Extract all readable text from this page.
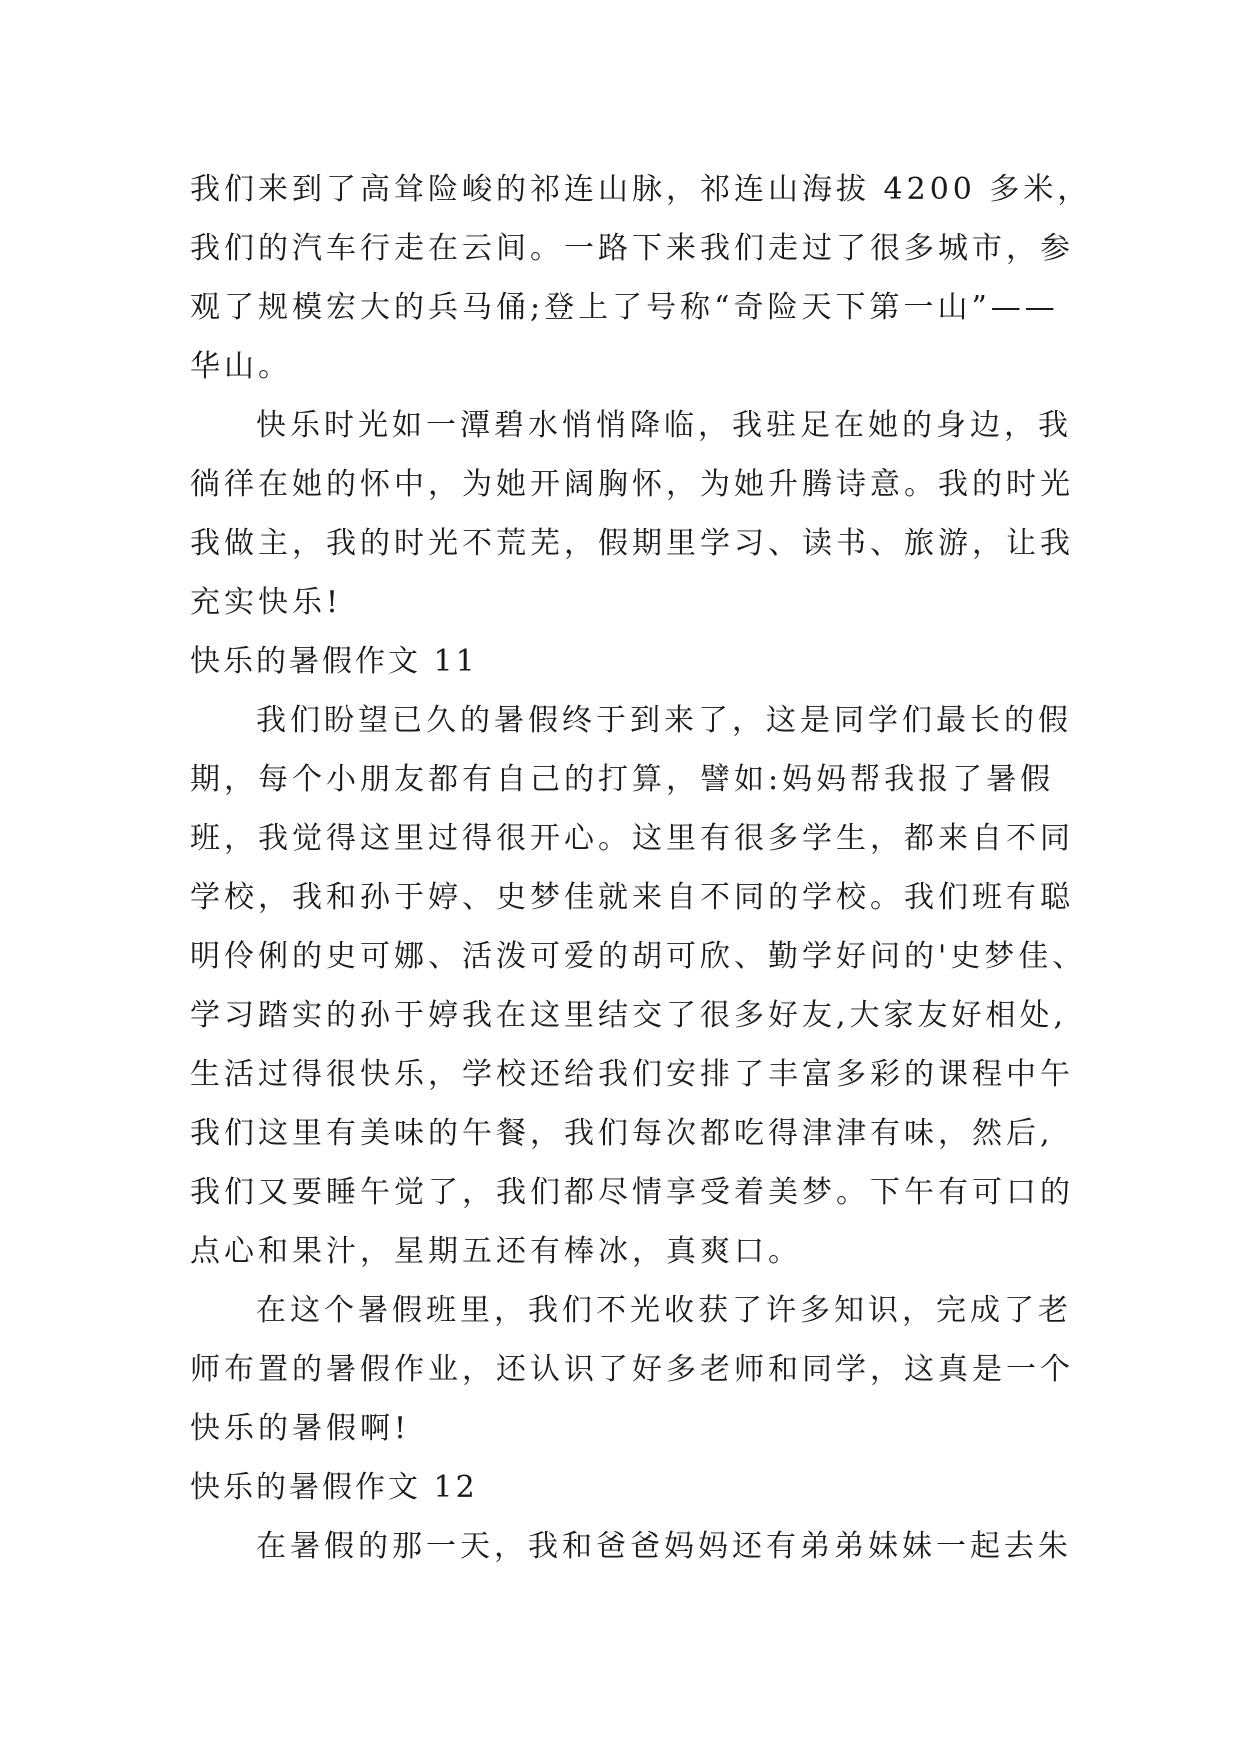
我们来到了高耸险峻的祁连山脉，祁连山海拔 4200 多米，
我们的汽车行走在云间。一路下来我们走过了很多城市，参
观了规模宏大的兵马俑;登上了号称“奇险天下第一山”——
华山。
快乐时光如一潭碧水悄悄降临，我驻足在她的身边，我
徜徉在她的怀中，为她开阔胸怀，为她升腾诗意。我的时光
我做主，我的时光不荒芜，假期里学习、读书、旅游，让我
充实快乐!
快乐的暑假作文 11
我们盼望已久的暑假终于到来了，这是同学们最长的假
期，每个小朋友都有自己的打算，譬如:妈妈帮我报了暑假
班，我觉得这里过得很开心。这里有很多学生，都来自不同
学校，我和孙于婷、史梦佳就来自不同的学校。我们班有聪
明伶俐的史可娜、活泼可爱的胡可欣、勤学好问的'史梦佳、
学习踏实的孙于婷我在这里结交了很多好友,大家友好相处,
生活过得很快乐，学校还给我们安排了丰富多彩的课程中午
我们这里有美味的午餐，我们每次都吃得津津有味，然后,
我们又要睡午觉了，我们都尽情享受着美梦。下午有可口的
点心和果汁，星期五还有棒冰，真爽口。
在这个暑假班里，我们不光收获了许多知识，完成了老
师布置的暑假作业，还认识了好多老师和同学，这真是一个
快乐的暑假啊!
快乐的暑假作文 12
在暑假的那一天，我和爸爸妈妈还有弟弟妹妹一起去朱
